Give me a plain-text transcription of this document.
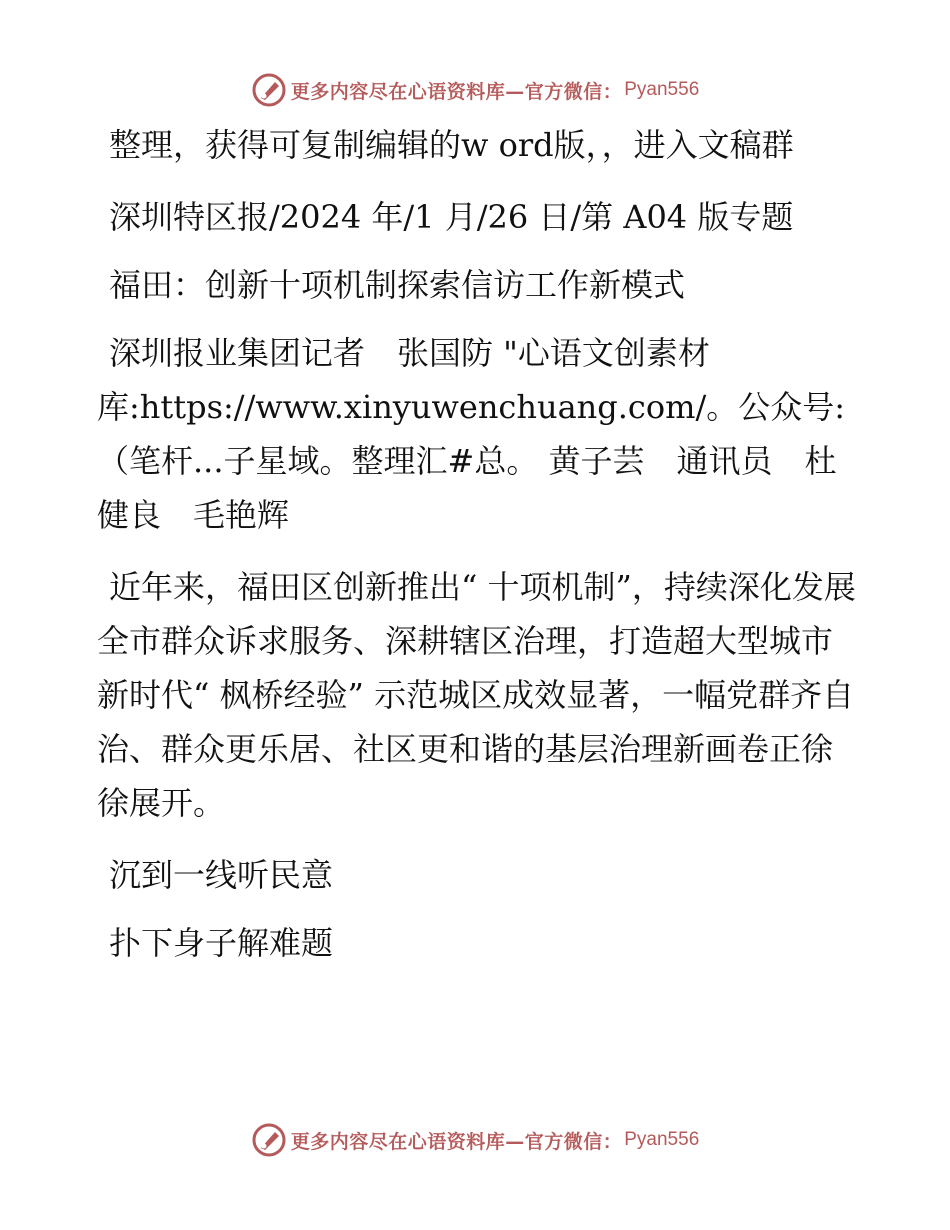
更多内容尽在心语资料库—官方微信： Pyan556

整理，获得可复制编辑的w ord版，，进入文稿群

深圳特区报/2024 年/1 月/26 日/第 A04 版专题

福田：创新十项机制探索信访工作新模式

深圳报业集团记者　张国防 "心语文创素材库:https://www.xinyuwenchuang.com/。公众号:（笔杆...子星域。整理汇#总。 黄子芸　通讯员　杜健良　毛艳辉

近年来，福田区创新推出“ 十项机制”，持续深化发展全市群众诉求服务、深耕辖区治理，打造超大型城市新时代“ 枫桥经验” 示范城区成效显著，一幅党群齐自治、群众更乐居、社区更和谐的基层治理新画卷正徐徐展开。

沉到一线听民意

扑下身子解难题

更多内容尽在心语资料库—官方微信： Pyan556
